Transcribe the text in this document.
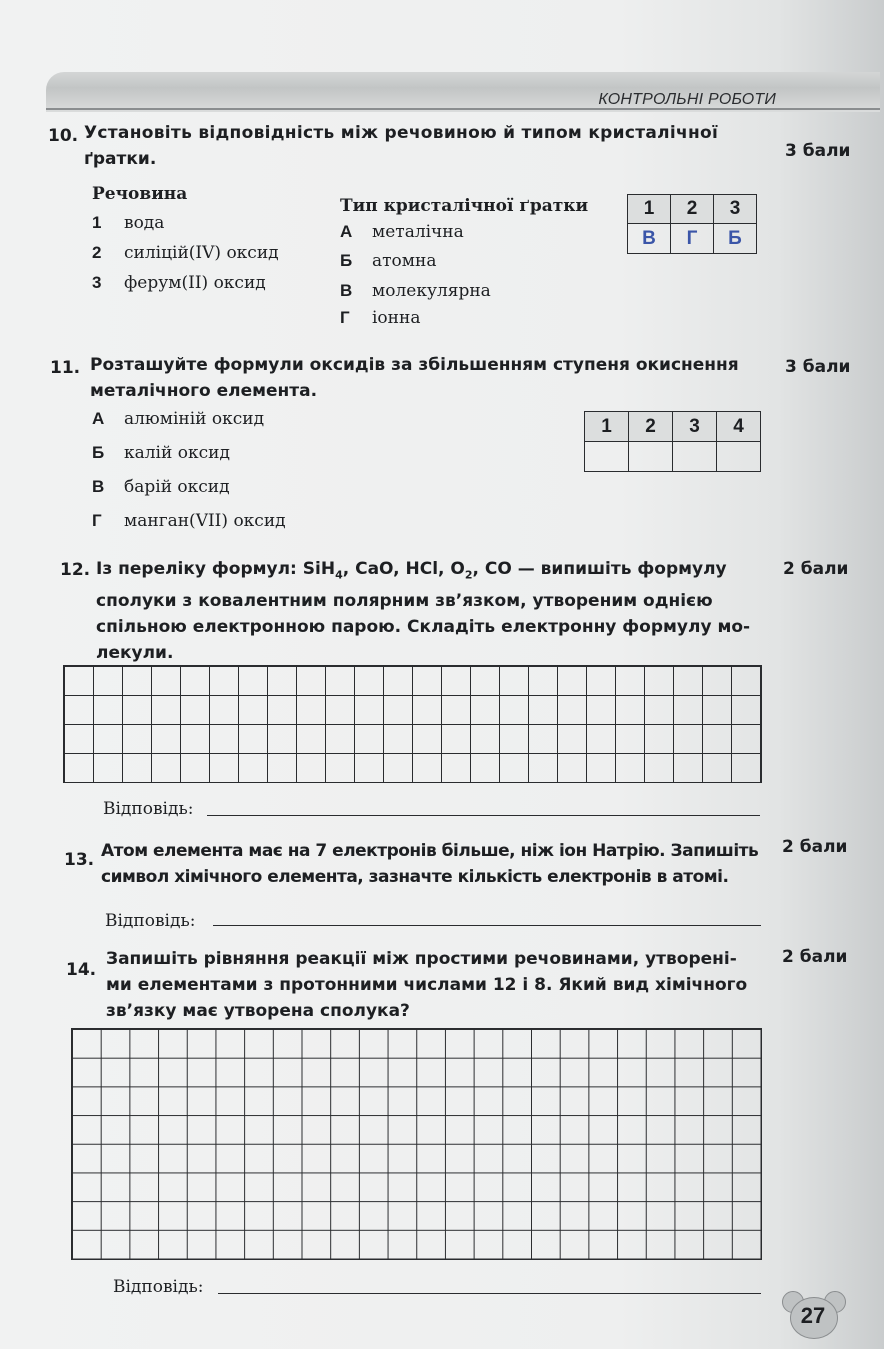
КОНТРОЛЬНІ РОБОТИ
10. Установіть відповідність між речовиною й типом кристалічної
ґратки.	3 бали
Речовина
Тип кристалічної ґратки
1 вода
2 силіцій(IV) оксид
3 ферум(II) оксид
А металічна
Б атомна
В молекулярна
Г іонна
1	2	3
В	Г	Б
11. Розташуйте формули оксидів за збільшенням ступеня окиснення
металічного елемента.
3 бали
А алюміній оксид
Б калій оксид
В барій оксид
Г манган(VII) оксид
1	2	3	4

12. Із переліку формул: SiH$_4$, CaO, HCl, $O_2$, CO — випишіть формулу
сполуки з ковалентним полярним зв’язком, утвореним однією
спільною електронною парою. Складіть електронну формулу мо-
лекули.
2 бали
Відповідь:
13. Атом елемента має на 7 електронів більше, ніж іон Натрію. Запишіть
символ хімічного елемента, зазначте кількість електронів в атомі.
2 бали
Відповідь:
14.
Запишіть рівняння реакції між простими речовинами, утворені-
ми елементами з протонними числами 12 і 8. Який вид хімічного
зв’язку має утворена сполука?
2 бали
Відповідь:
27
